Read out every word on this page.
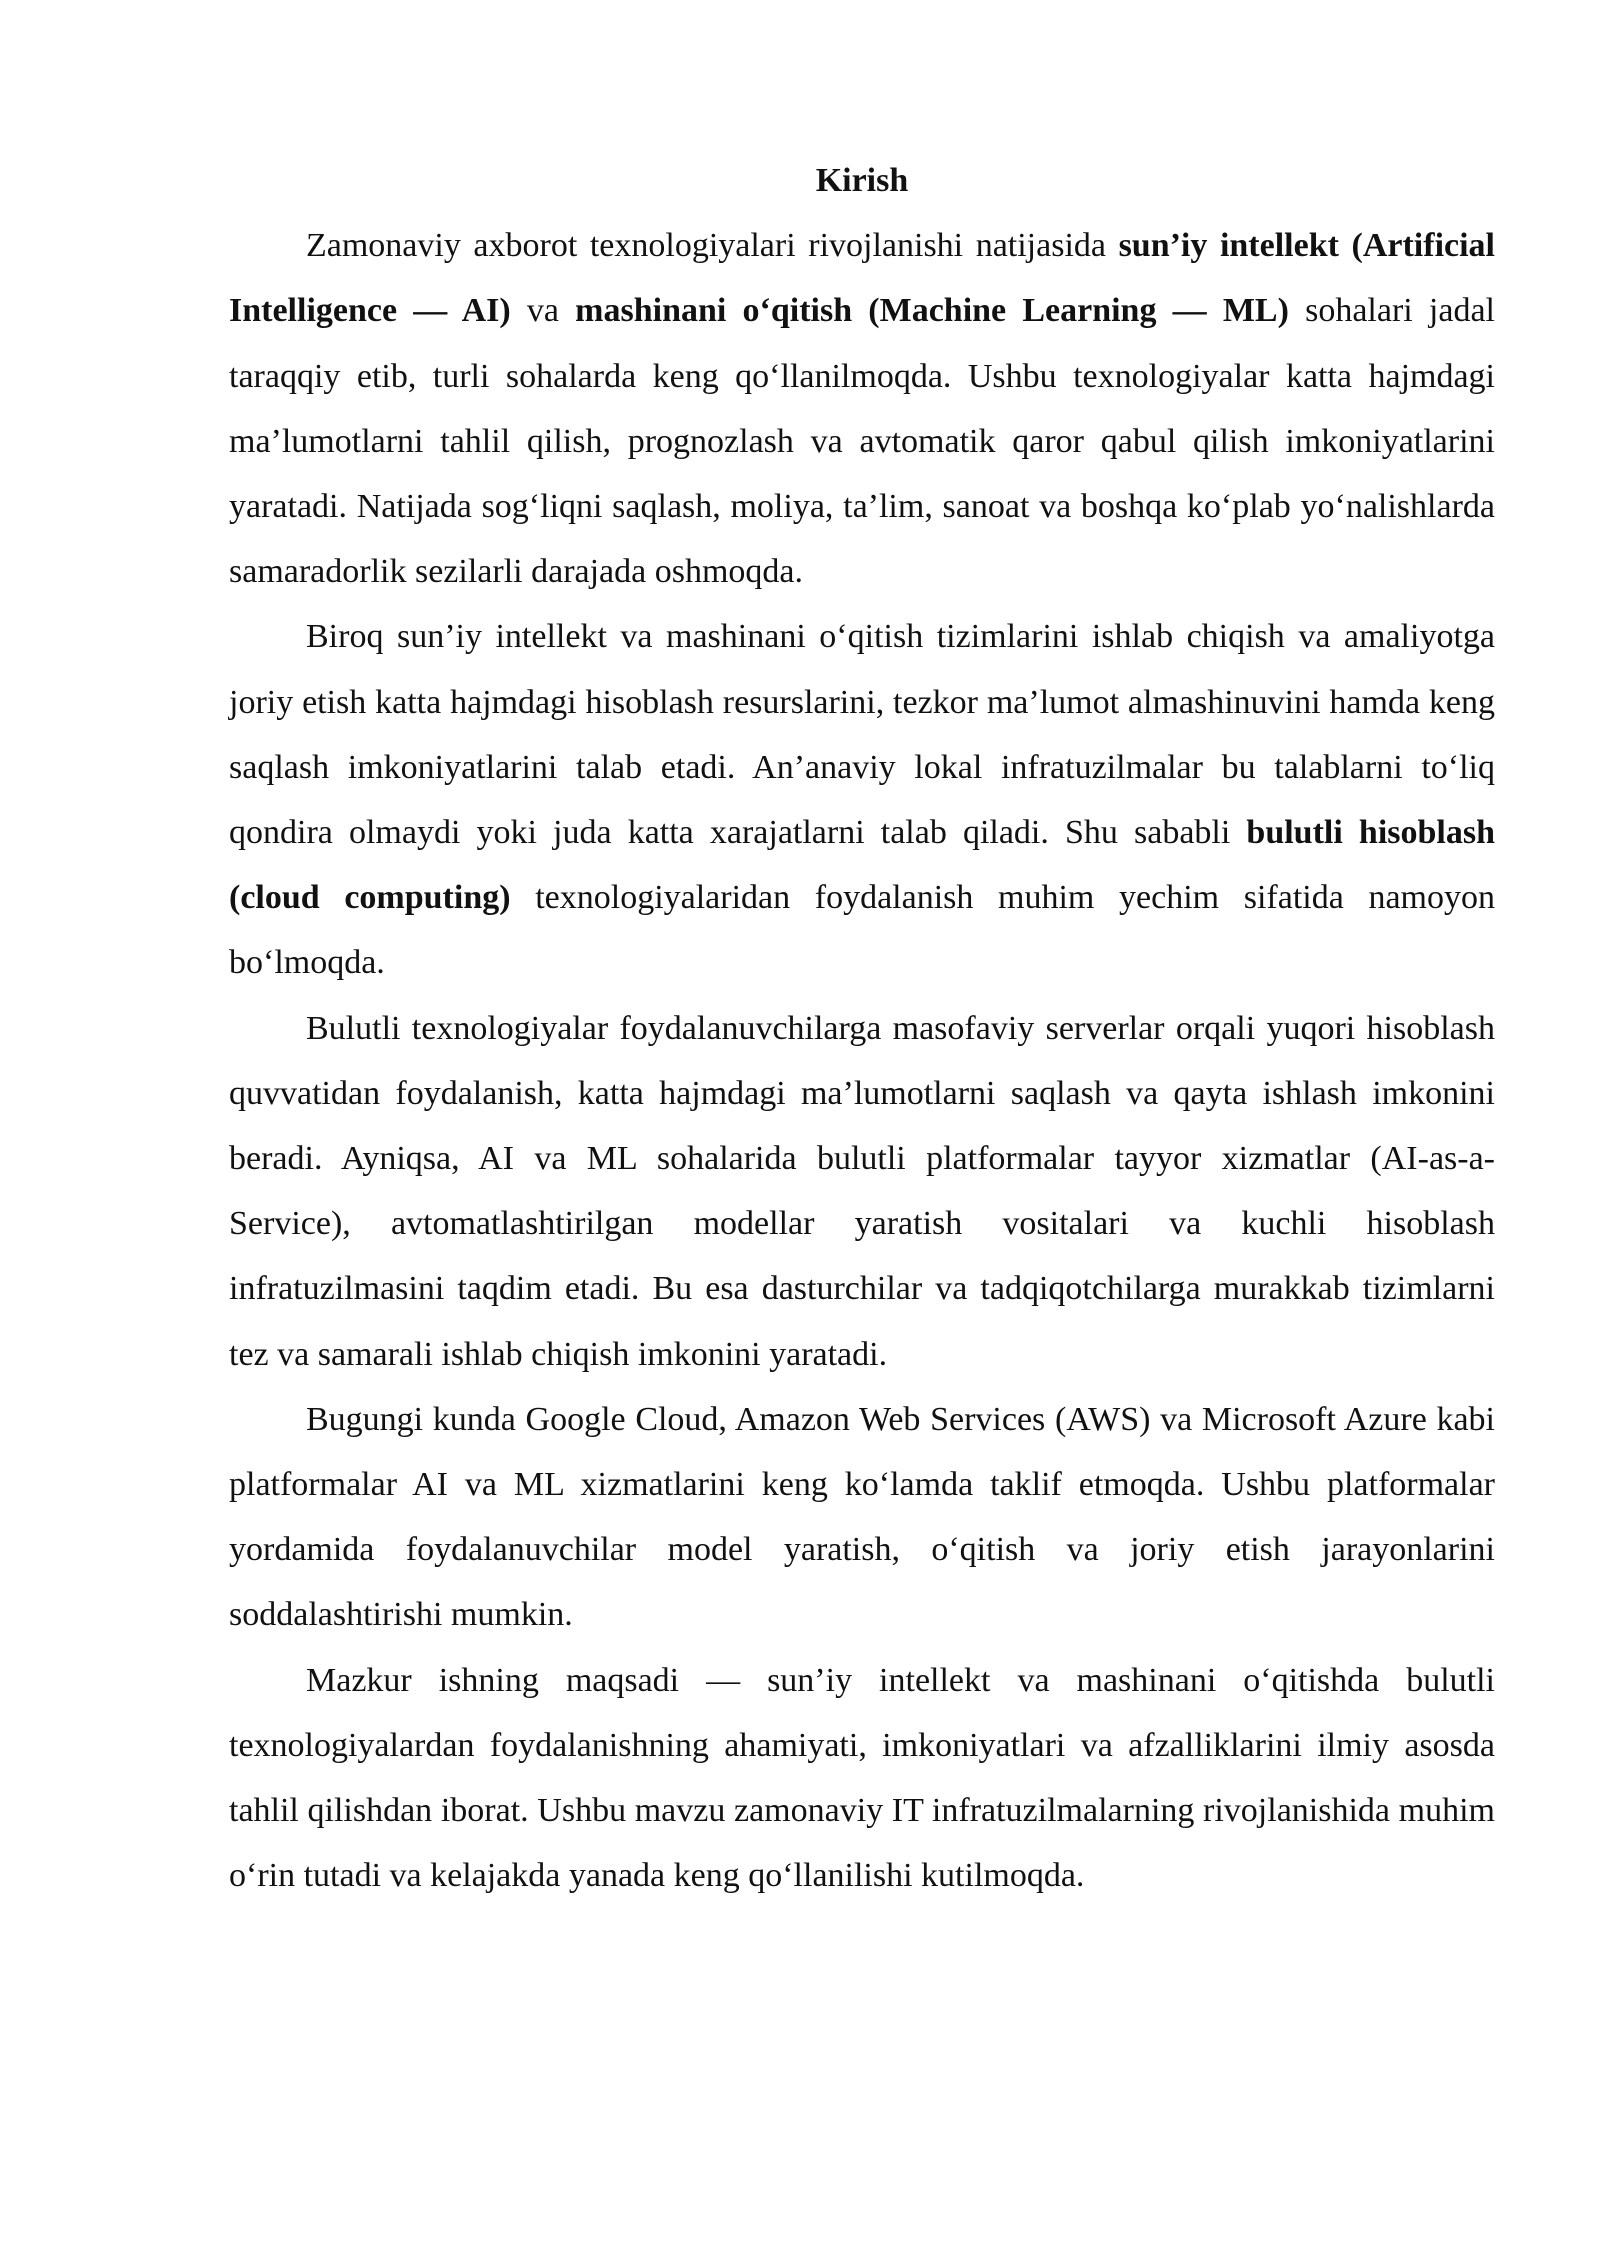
Kirish

Zamonaviy axborot texnologiyalari rivojlanishi natijasida sun’iy intellekt (Artificial Intelligence — AI) va mashinani o‘qitish (Machine Learning — ML) sohalari jadal taraqqiy etib, turli sohalarda keng qo‘llanilmoqda. Ushbu texnologiyalar katta hajmdagi ma’lumotlarni tahlil qilish, prognozlash va avtomatik qaror qabul qilish imkoniyatlarini yaratadi. Natijada sog‘liqni saqlash, moliya, ta’lim, sanoat va boshqa ko‘plab yo‘nalishlarda samaradorlik sezilarli darajada oshmoqda.

Biroq sun’iy intellekt va mashinani o‘qitish tizimlarini ishlab chiqish va amaliyotga joriy etish katta hajmdagi hisoblash resurslarini, tezkor ma’lumot almashinuvini hamda keng saqlash imkoniyatlarini talab etadi. An’anaviy lokal infratuzilmalar bu talablarni to‘liq qondira olmaydi yoki juda katta xarajatlarni talab qiladi. Shu sababli bulutli hisoblash (cloud computing) texnologiyalaridan foydalanish muhim yechim sifatida namoyon bo‘lmoqda.

Bulutli texnologiyalar foydalanuvchilarga masofaviy serverlar orqali yuqori hisoblash quvvatidan foydalanish, katta hajmdagi ma’lumotlarni saqlash va qayta ishlash imkonini beradi. Ayniqsa, AI va ML sohalarida bulutli platformalar tayyor xizmatlar (AI-as-a-Service), avtomatlashtirilgan modellar yaratish vositalari va kuchli hisoblash infratuzilmasini taqdim etadi. Bu esa dasturchilar va tadqiqotchilarga murakkab tizimlarni tez va samarali ishlab chiqish imkonini yaratadi.

Bugungi kunda Google Cloud, Amazon Web Services (AWS) va Microsoft Azure kabi platformalar AI va ML xizmatlarini keng ko‘lamda taklif etmoqda. Ushbu platformalar yordamida foydalanuvchilar model yaratish, o‘qitish va joriy etish jarayonlarini soddalashtirishi mumkin.

Mazkur ishning maqsadi — sun’iy intellekt va mashinani o‘qitishda bulutli texnologiyalardan foydalanishning ahamiyati, imkoniyatlari va afzalliklarini ilmiy asosda tahlil qilishdan iborat. Ushbu mavzu zamonaviy IT infratuzilmalarning rivojlanishida muhim o‘rin tutadi va kelajakda yanada keng qo‘llanilishi kutilmoqda.
